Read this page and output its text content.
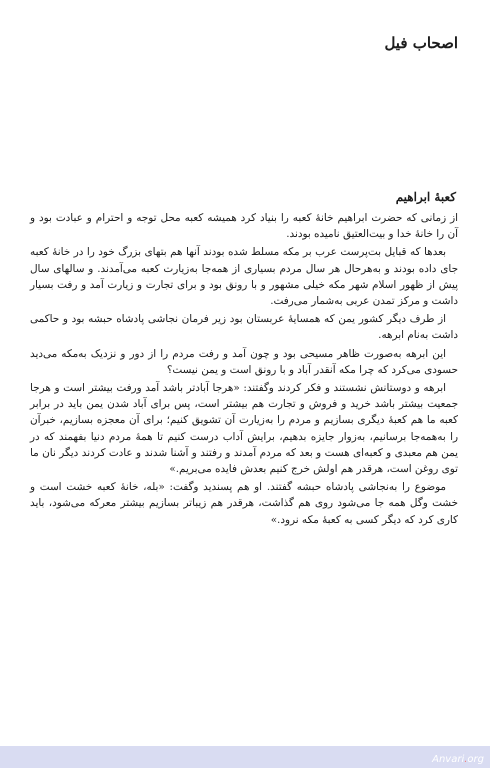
اصحاب فیل
کعبهٔ ابراهیم

از زمانی که حضرت ابراهیم خانهٔ کعبه را بنیاد کرد همیشه کعبه محل توجه و احترام و عبادت بود و آن را خانهٔ خدا و بیت‌العتیق نامیده بودند.

بعدها که قبایل بت‌پرست عرب بر مکه مسلط شده بودند آنها هم بتهای بزرگ خود را در خانهٔ کعبه جای داده بودند و به‌هرحال هر سال مردم بسیاری از همه‌جا به‌زیارت کعبه می‌آمدند. و سالهای سال پیش از ظهور اسلام شهر مکه خیلی مشهور و با رونق بود و برای تجارت و زیارت آمد و رفت بسیار داشت و مرکز تمدن عربی به‌شمار می‌رفت.

از طرف دیگر کشور یمن که همسایهٔ عربستان بود زیر فرمان نجاشی پادشاه حبشه بود و حاکمی داشت به‌نام ابرهه.

این ابرهه به‌صورت ظاهر مسیحی بود و چون آمد و رفت مردم را از دور و نزدیک به‌مکه می‌دید حسودی می‌کرد که چرا مکه آنقدر آباد و با رونق است و یمن نیست؟

ابرهه و دوستانش نشستند و فکر کردند وگفتند: «هرجا آبادتر باشد آمد ورفت بیشتر است و هرجا جمعیت بیشتر باشد خرید و فروش و تجارت هم بیشتر است، پس برای آباد شدن یمن باید در برابر کعبه ما هم کعبهٔ دیگری بسازیم و مردم را به‌زیارت آن تشویق کنیم؛ برای آن معجزه بسازیم، خبرآن را به‌همه‌جا برسانیم، به‌زوار جایزه بدهیم، برایش آداب درست کنیم تا همهٔ مردم دنیا بفهمند که در یمن هم معبدی و کعبه‌ای هست و بعد که مردم آمدند و رفتند و آشنا شدند و عادت کردند دیگر نان ما توی روغن است، هرقدر هم اولش خرج کنیم بعدش فایده می‌بریم.»

موضوع را به‌نجاشی پادشاه حبشه گفتند. او هم پسندید وگفت: «بله، خانهٔ کعبه خشت است و خشت وگل همه جا می‌شود روی هم گذاشت، هرقدر هم زیباتر بسازیم بیشتر معرکه می‌شود، باید کاری کرد که دیگر کسی به کعبهٔ مکه نرود.»

Anvari.org
